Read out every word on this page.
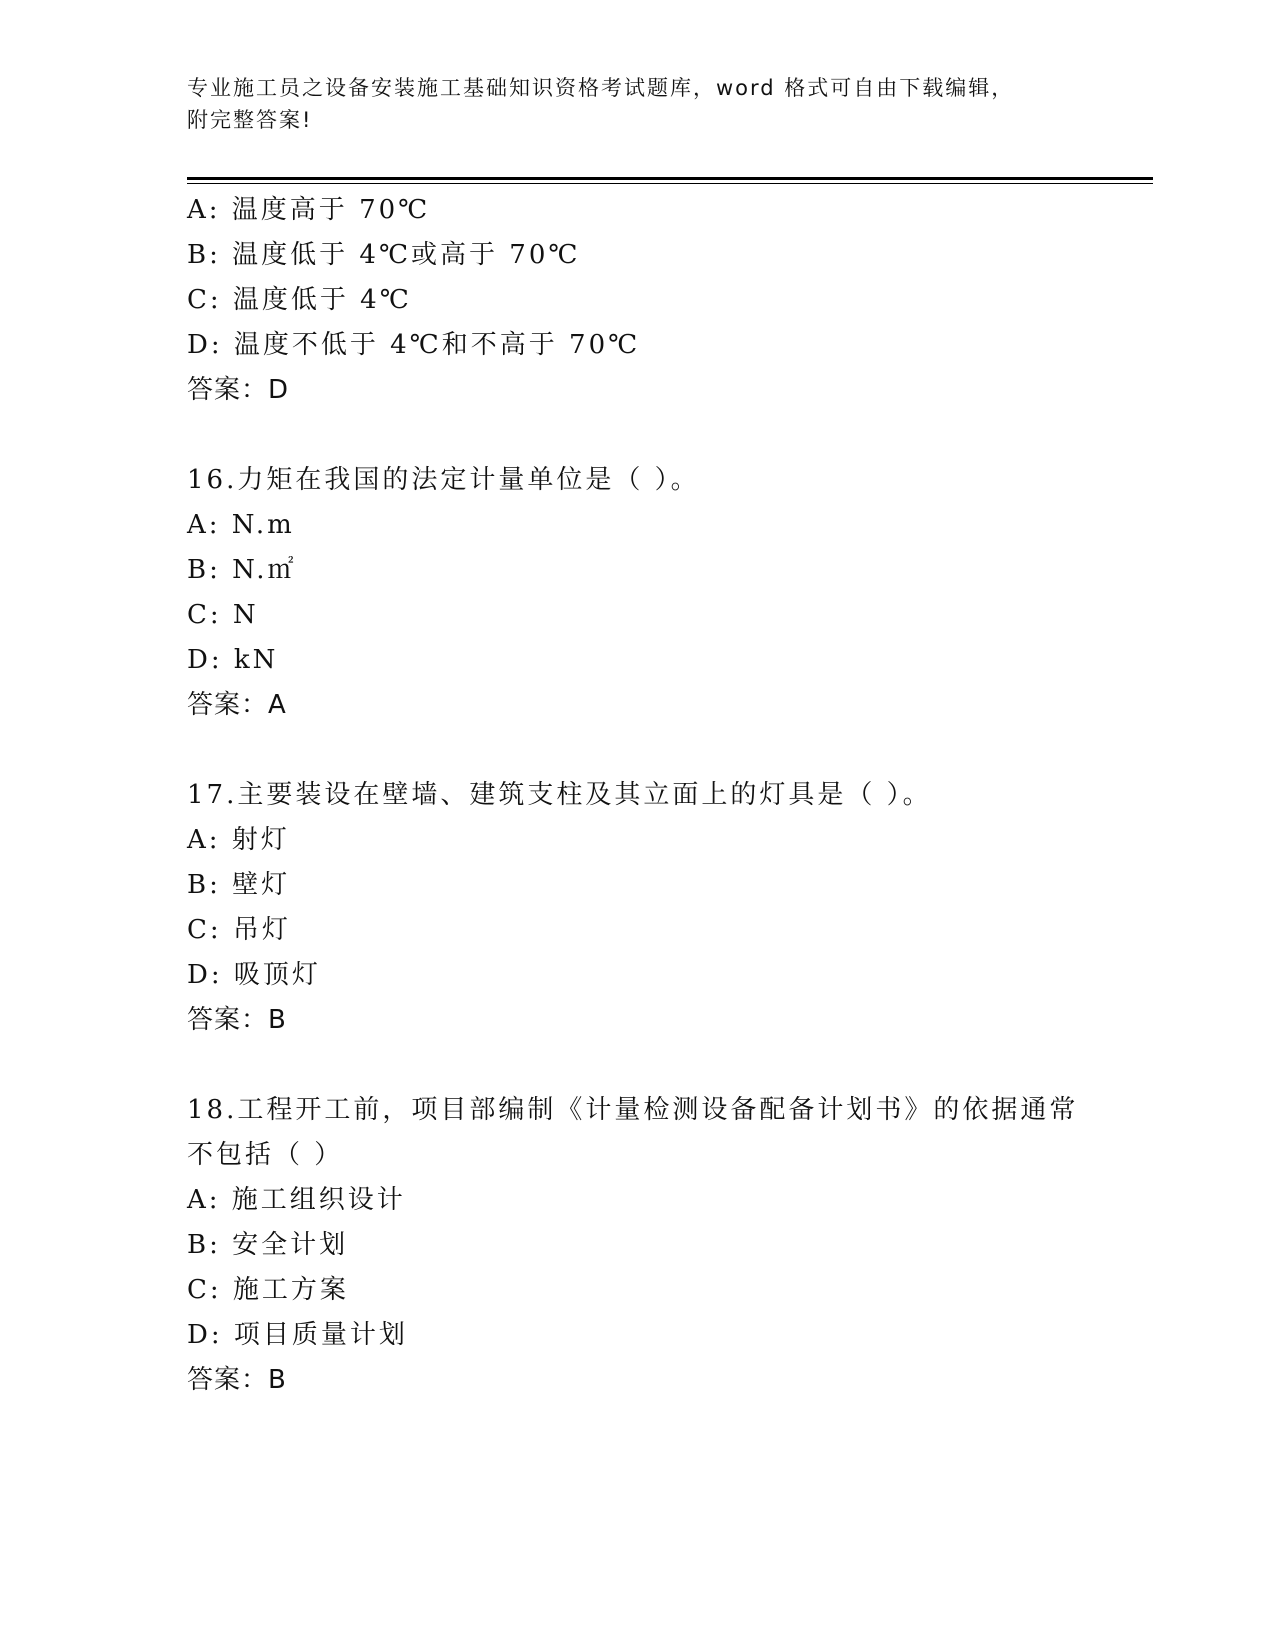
专业施工员之设备安装施工基础知识资格考试题库，word 格式可自由下载编辑，
附完整答案!
A: 温度高于 70℃
B: 温度低于 4℃或高于 70℃
C: 温度低于 4℃
D: 温度不低于 4℃和不高于 70℃
答案：D
16.力矩在我国的法定计量单位是（ ）。
A: N.m
B: N.㎡
C: N
D: kN
答案：A
17.主要装设在壁墙、建筑支柱及其立面上的灯具是（ ）。
A: 射灯
B: 壁灯
C: 吊灯
D: 吸顶灯
答案：B
18.工程开工前，项目部编制《计量检测设备配备计划书》的依据通常
不包括（ ）
A: 施工组织设计
B: 安全计划
C: 施工方案
D: 项目质量计划
答案：B
